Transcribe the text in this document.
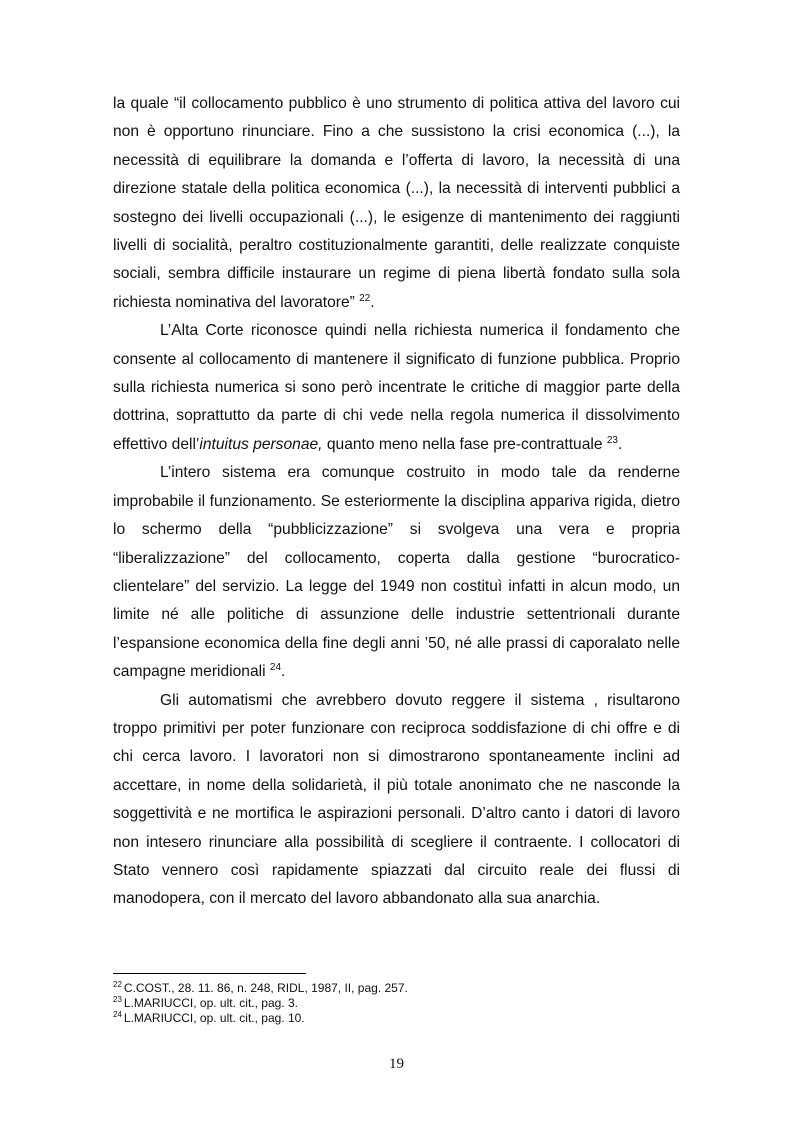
la quale “il collocamento pubblico è uno strumento di politica attiva del lavoro cui non è opportuno rinunciare. Fino a che sussistono la crisi economica (...), la necessità di equilibrare la domanda e l’offerta di lavoro, la necessità di una direzione statale della politica economica (...), la necessità di interventi pubblici a sostegno dei livelli occupazionali (...), le esigenze di mantenimento dei raggiunti livelli di socialità, peraltro costituzionalmente garantiti, delle realizzate conquiste sociali, sembra difficile instaurare un regime di piena libertà fondato sulla sola richiesta nominativa del lavoratore” $^{22}$.

L’Alta Corte riconosce quindi nella richiesta numerica il fondamento che consente al collocamento di mantenere il significato di funzione pubblica. Proprio sulla richiesta numerica si sono però incentrate le critiche di maggior parte della dottrina, soprattutto da parte di chi vede nella regola numerica il dissolvimento effettivo dell’intuitus personae, quanto meno nella fase pre-contrattuale $^{23}$.

L’intero sistema era comunque costruito in modo tale da renderne improbabile il funzionamento. Se esteriormente la disciplina appariva rigida, dietro lo schermo della “pubblicizzazione” si svolgeva una vera e propria “liberalizzazione” del collocamento, coperta dalla gestione “burocratico-clientelare” del servizio. La legge del 1949 non costituì infatti in alcun modo, un limite né alle politiche di assunzione delle industrie settentrionali durante l’espansione economica della fine degli anni ’50, né alle prassi di caporalato nelle campagne meridionali $^{24}$.

Gli automatismi che avrebbero dovuto reggere il sistema , risultarono troppo primitivi per poter funzionare con reciproca soddisfazione di chi offre e di chi cerca lavoro. I lavoratori non si dimostrarono spontaneamente inclini ad accettare, in nome della solidarietà, il più totale anonimato che ne nasconde la soggettività e ne mortifica le aspirazioni personali. D’altro canto i datori di lavoro non intesero rinunciare alla possibilità di scegliere il contraente. I collocatori di Stato vennero così rapidamente spiazzati dal circuito reale dei flussi di manodopera, con il mercato del lavoro abbandonato alla sua anarchia.

$^{22}$ C.COST., 28. 11. 86, n. 248, RIDL, 1987, II, pag. 257.
$^{23}$ L.MARIUCCI, op. ult. cit., pag. 3.
$^{24}$ L.MARIUCCI, op. ult. cit., pag. 10.
19
